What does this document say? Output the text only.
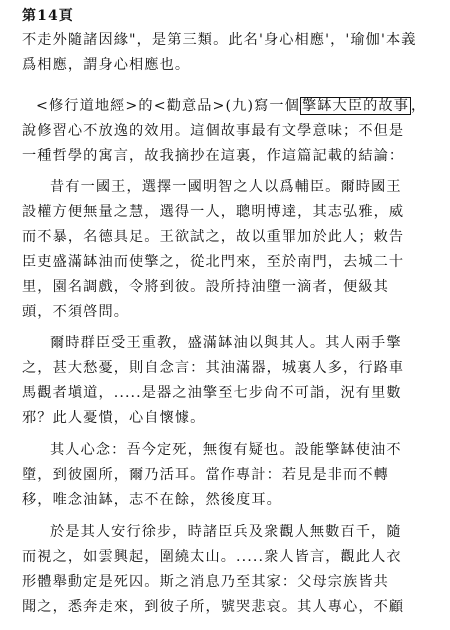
第14頁
不走外隨諸因緣"，是第三類。此名'身心相應'，'瑜伽'本義
爲相應，謂身心相應也。
<修行道地經>的<勸意品>(九)寫一個 擎缽大臣的故事 ，
說修習心不放逸的效用。這個故事最有文學意味；不但是
一種哲學的寓言，故我摘抄在這裏，作這篇記載的結論：
昔有一國王，選擇一國明智之人以爲輔臣。爾時國王
設權方便無量之慧，選得一人，聰明博達，其志弘雅，威
而不暴，名德具足。王欲試之，故以重罪加於此人；敕告
臣吏盛滿缽油而使擎之，從北門來，至於南門，去城二十
里，園名調戲，令將到彼。設所持油墮一滴者，便級其
頭，不須啓問。
爾時群臣受王重教，盛滿缽油以與其人。其人兩手擎
之，甚大愁憂，則自念言：其油滿器，城裏人多，行路車
馬觀者塡道，.....是器之油擎至七步尙不可詣，況有里數
邪？此人憂憒，心自懷懅。
其人心念：吾今定死，無復有疑也。設能擎缽使油不
墮，到彼園所，爾乃活耳。當作專計：若見是非而不轉
移，唯念油缽，志不在餘，然後度耳。
於是其人安行徐步，時諸臣兵及衆觀人無數百千，隨
而視之，如雲興起，圍繞太山。.....衆人皆言，觀此人衣
形體舉動定是死囚。斯之消息乃至其家：父母宗族皆共
聞之，悉奔走來，到彼子所，號哭悲哀。其人專心，不顧
